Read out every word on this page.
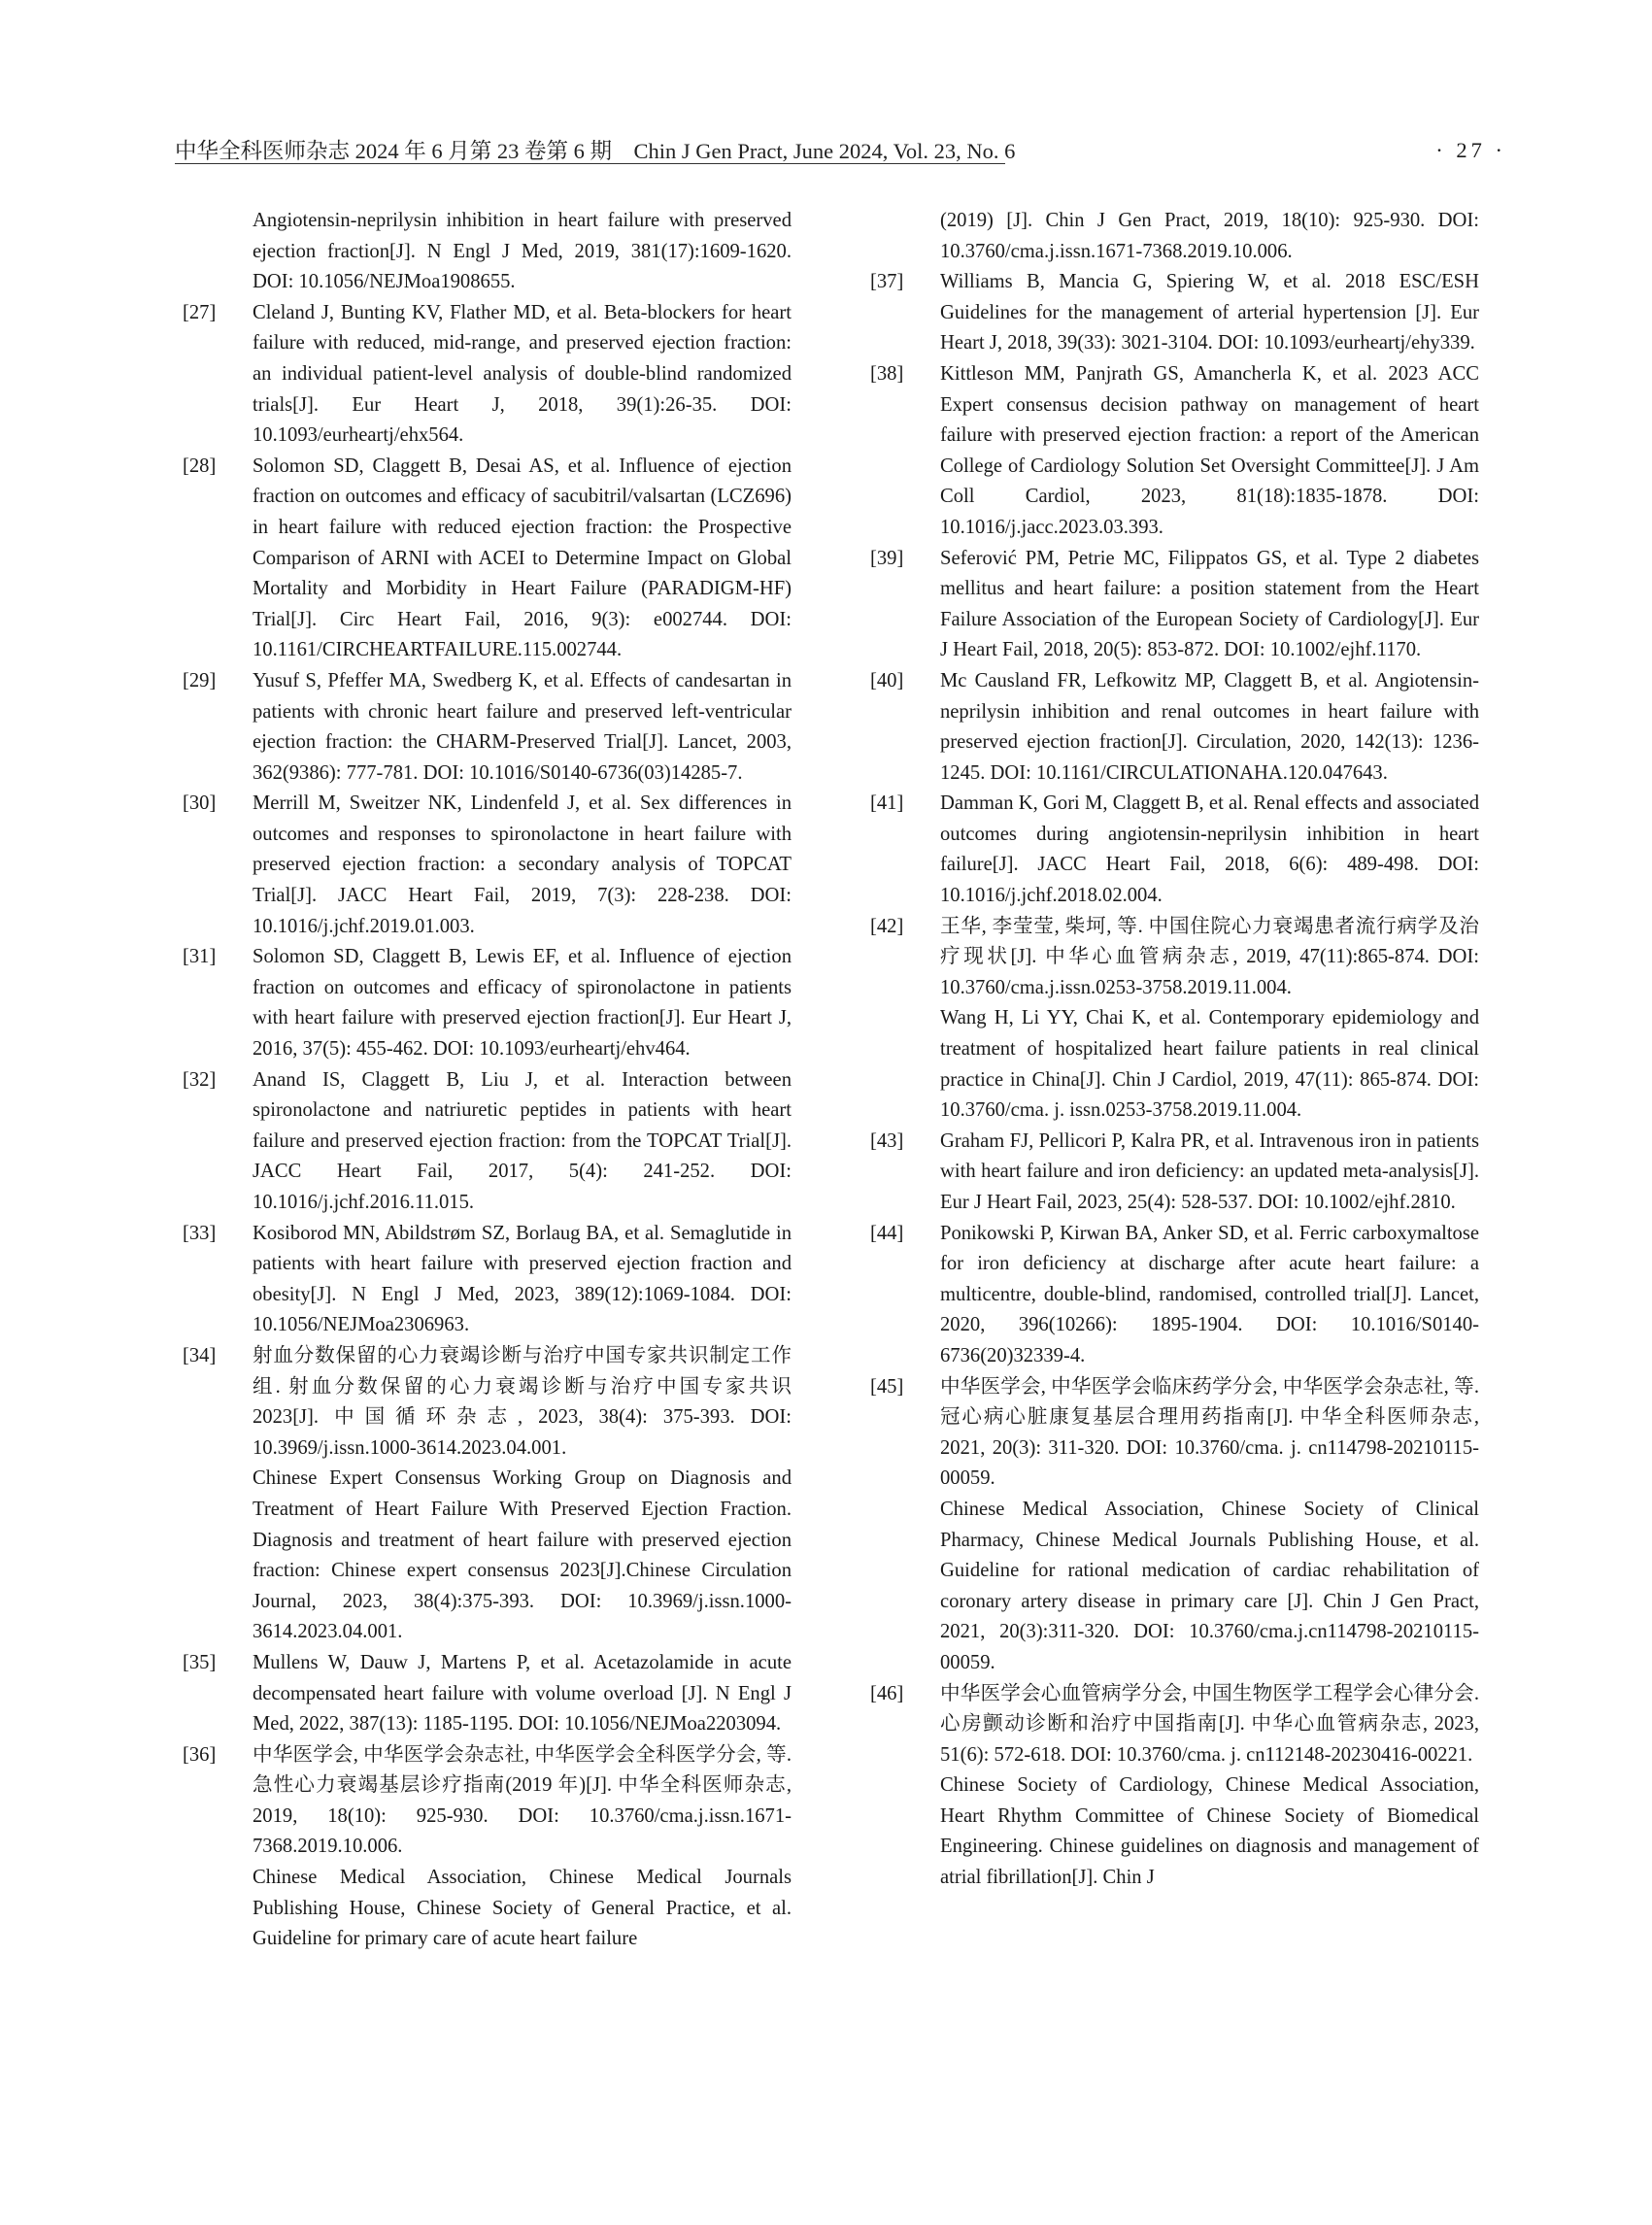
中华全科医师杂志 2024 年 6 月第 23 卷第 6 期　Chin J Gen Pract, June 2024, Vol. 23, No. 6	· 27 ·
Angiotensin-neprilysin inhibition in heart failure with preserved ejection fraction[J]. N Engl J Med, 2019, 381(17):1609-1620. DOI: 10.1056/NEJMoa1908655.
[27]	Cleland J, Bunting KV, Flather MD, et al. Beta-blockers for heart failure with reduced, mid-range, and preserved ejection fraction: an individual patient-level analysis of double-blind randomized trials[J]. Eur Heart J, 2018, 39(1):26-35. DOI: 10.1093/eurheartj/ehx564.

[28]	Solomon SD, Claggett B, Desai AS, et al. Influence of ejection fraction on outcomes and efficacy of sacubitril/valsartan (LCZ696) in heart failure with reduced ejection fraction: the Prospective Comparison of ARNI with ACEI to Determine Impact on Global Mortality and Morbidity in Heart Failure (PARADIGM-HF) Trial[J]. Circ Heart Fail, 2016, 9(3): e002744. DOI: 10.1161/CIRCHEARTFAILURE.115.002744.

[29]	Yusuf S, Pfeffer MA, Swedberg K, et al. Effects of candesartan in patients with chronic heart failure and preserved left-ventricular ejection fraction: the CHARM-Preserved Trial[J]. Lancet, 2003, 362(9386): 777-781. DOI: 10.1016/S0140-6736(03)14285-7.

[30]	Merrill M, Sweitzer NK, Lindenfeld J, et al. Sex differences in outcomes and responses to spironolactone in heart failure with preserved ejection fraction: a secondary analysis of TOPCAT Trial[J]. JACC Heart Fail, 2019, 7(3): 228-238. DOI: 10.1016/j.jchf.2019.01.003.

[31]	Solomon SD, Claggett B, Lewis EF, et al. Influence of ejection fraction on outcomes and efficacy of spironolactone in patients with heart failure with preserved ejection fraction[J]. Eur Heart J, 2016, 37(5): 455-462. DOI: 10.1093/eurheartj/ehv464.

[32]	Anand IS, Claggett B, Liu J, et al. Interaction between spironolactone and natriuretic peptides in patients with heart failure and preserved ejection fraction: from the TOPCAT Trial[J]. JACC Heart Fail, 2017, 5(4): 241-252. DOI: 10.1016/j.jchf.2016.11.015.

[33]	Kosiborod MN, Abildstrøm SZ, Borlaug BA, et al. Semaglutide in patients with heart failure with preserved ejection fraction and obesity[J]. N Engl J Med, 2023, 389(12):1069-1084. DOI: 10.1056/NEJMoa2306963.

[34]	射血分数保留的心力衰竭诊断与治疗中国专家共识制定工作组. 射血分数保留的心力衰竭诊断与治疗中国专家共识 2023[J]. 中国循环杂志, 2023, 38(4): 375-393. DOI: 10.3969/j.issn.1000-3614.2023.04.001.

Chinese Expert Consensus Working Group on Diagnosis and Treatment of Heart Failure With Preserved Ejection Fraction. Diagnosis and treatment of heart failure with preserved ejection fraction: Chinese expert consensus 2023[J].Chinese Circulation Journal, 2023, 38(4):375-393. DOI: 10.3969/j.issn.1000-3614.2023.04.001.

[35]	Mullens W, Dauw J, Martens P, et al. Acetazolamide in acute decompensated heart failure with volume overload [J]. N Engl J Med, 2022, 387(13): 1185-1195. DOI: 10.1056/NEJMoa2203094.

[36]	中华医学会, 中华医学会杂志社, 中华医学会全科医学分会, 等. 急性心力衰竭基层诊疗指南(2019 年)[J]. 中华全科医师杂志, 2019, 18(10): 925-930. DOI: 10.3760/cma.j.issn.1671-7368.2019.10.006.

Chinese Medical Association, Chinese Medical Journals Publishing House, Chinese Society of General Practice, et al. Guideline for primary care of acute heart failure

(2019) [J]. Chin J Gen Pract, 2019, 18(10): 925-930. DOI: 10.3760/cma.j.issn.1671-7368.2019.10.006.
[37]	Williams B, Mancia G, Spiering W, et al. 2018 ESC/ESH Guidelines for the management of arterial hypertension [J]. Eur Heart J, 2018, 39(33): 3021-3104. DOI: 10.1093/eurheartj/ehy339.

[38]	Kittleson MM, Panjrath GS, Amancherla K, et al. 2023 ACC Expert consensus decision pathway on management of heart failure with preserved ejection fraction: a report of the American College of Cardiology Solution Set Oversight Committee[J]. J Am Coll Cardiol, 2023, 81(18):1835-1878. DOI: 10.1016/j.jacc.2023.03.393.

[39]	Seferović PM, Petrie MC, Filippatos GS, et al. Type 2 diabetes mellitus and heart failure: a position statement from the Heart Failure Association of the European Society of Cardiology[J]. Eur J Heart Fail, 2018, 20(5): 853-872. DOI: 10.1002/ejhf.1170.

[40]	Mc Causland FR, Lefkowitz MP, Claggett B, et al. Angiotensin-neprilysin inhibition and renal outcomes in heart failure with preserved ejection fraction[J]. Circulation, 2020, 142(13): 1236-1245. DOI: 10.1161/CIRCULATIONAHA.120.047643.

[41]	Damman K, Gori M, Claggett B, et al. Renal effects and associated outcomes during angiotensin-neprilysin inhibition in heart failure[J]. JACC Heart Fail, 2018, 6(6): 489-498. DOI: 10.1016/j.jchf.2018.02.004.

[42]	王华, 李莹莹, 柴坷, 等. 中国住院心力衰竭患者流行病学及治疗现状[J]. 中华心血管病杂志, 2019, 47(11):865-874. DOI: 10.3760/cma.j.issn.0253-3758.2019.11.004.

Wang H, Li YY, Chai K, et al. Contemporary epidemiology and treatment of hospitalized heart failure patients in real clinical practice in China[J]. Chin J Cardiol, 2019, 47(11): 865-874. DOI: 10.3760/cma. j. issn.0253-3758.2019.11.004.

[43]	Graham FJ, Pellicori P, Kalra PR, et al. Intravenous iron in patients with heart failure and iron deficiency: an updated meta-analysis[J]. Eur J Heart Fail, 2023, 25(4): 528-537. DOI: 10.1002/ejhf.2810.

[44]	Ponikowski P, Kirwan BA, Anker SD, et al. Ferric carboxymaltose for iron deficiency at discharge after acute heart failure: a multicentre, double-blind, randomised, controlled trial[J]. Lancet, 2020, 396(10266): 1895-1904. DOI: 10.1016/S0140-6736(20)32339-4.

[45]	中华医学会, 中华医学会临床药学分会, 中华医学会杂志社, 等. 冠心病心脏康复基层合理用药指南[J]. 中华全科医师杂志, 2021, 20(3): 311-320. DOI: 10.3760/cma. j. cn114798-20210115-00059.

Chinese Medical Association, Chinese Society of Clinical Pharmacy, Chinese Medical Journals Publishing House, et al. Guideline for rational medication of cardiac rehabilitation of coronary artery disease in primary care [J]. Chin J Gen Pract, 2021, 20(3):311-320. DOI: 10.3760/cma.j.cn114798-20210115-00059.

[46]	中华医学会心血管病学分会, 中国生物医学工程学会心律分会. 心房颤动诊断和治疗中国指南[J]. 中华心血管病杂志, 2023, 51(6): 572-618. DOI: 10.3760/cma. j. cn112148-20230416-00221.

Chinese Society of Cardiology, Chinese Medical Association, Heart Rhythm Committee of Chinese Society of Biomedical Engineering. Chinese guidelines on diagnosis and management of atrial fibrillation[J]. Chin J
